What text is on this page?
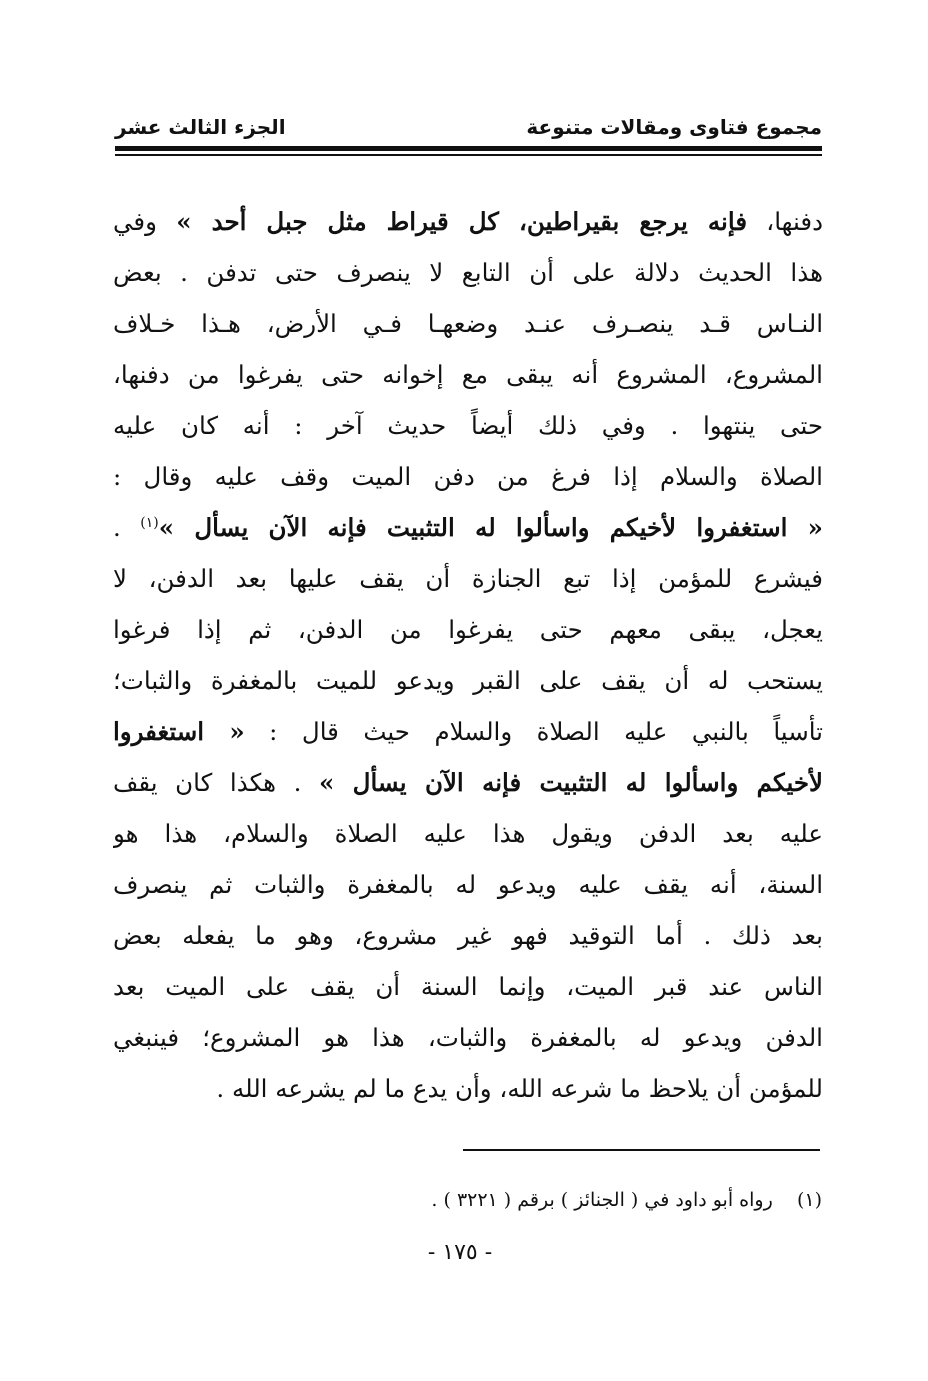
مجموع فتاوى ومقالات متنوعة
الجزء الثالث عشر
دفنها، فإنه يرجع بقيراطين، كل قيراط مثل جبل أحد » وفي
هذا الحديث دلالة على أن التابع لا ينصرف حتى تدفن . بعض
النـاس قـد ينصـرف عنـد وضعهـا فـي الأرض، هـذا خـلاف
المشروع، المشروع أنه يبقى مع إخوانه حتى يفرغوا من دفنها،
حتى ينتهوا . وفي ذلك أيضاً حديث آخر : أنه كان عليه
الصلاة والسلام إذا فرغ من دفن الميت وقف عليه وقال :
« استغفروا لأخيكم واسألوا له التثبيت فإنه الآن يسأل »$^{(١)}$ .
فيشرع للمؤمن إذا تبع الجنازة أن يقف عليها بعد الدفن، لا
يعجل، يبقى معهم حتى يفرغوا من الدفن، ثم إذا فرغوا
يستحب له أن يقف على القبر ويدعو للميت بالمغفرة والثبات؛
تأسياً بالنبي عليه الصلاة والسلام حيث قال : « استغفروا
لأخيكم واسألوا له التثبيت فإنه الآن يسأل » . هكذا كان يقف
عليه بعد الدفن ويقول هذا عليه الصلاة والسلام، هذا هو
السنة، أنه يقف عليه ويدعو له بالمغفرة والثبات ثم ينصرف
بعد ذلك . أما التوقيد فهو غير مشروع، وهو ما يفعله بعض
الناس عند قبر الميت، وإنما السنة أن يقف على الميت بعد
الدفن ويدعو له بالمغفرة والثبات، هذا هو المشروع؛ فينبغي
للمؤمن أن يلاحظ ما شرعه الله، وأن يدع ما لم يشرعه الله .
(١)    رواه أبو داود في ( الجنائز ) برقم ( ٣٢٢١ ) .
- ١٧٥ -
